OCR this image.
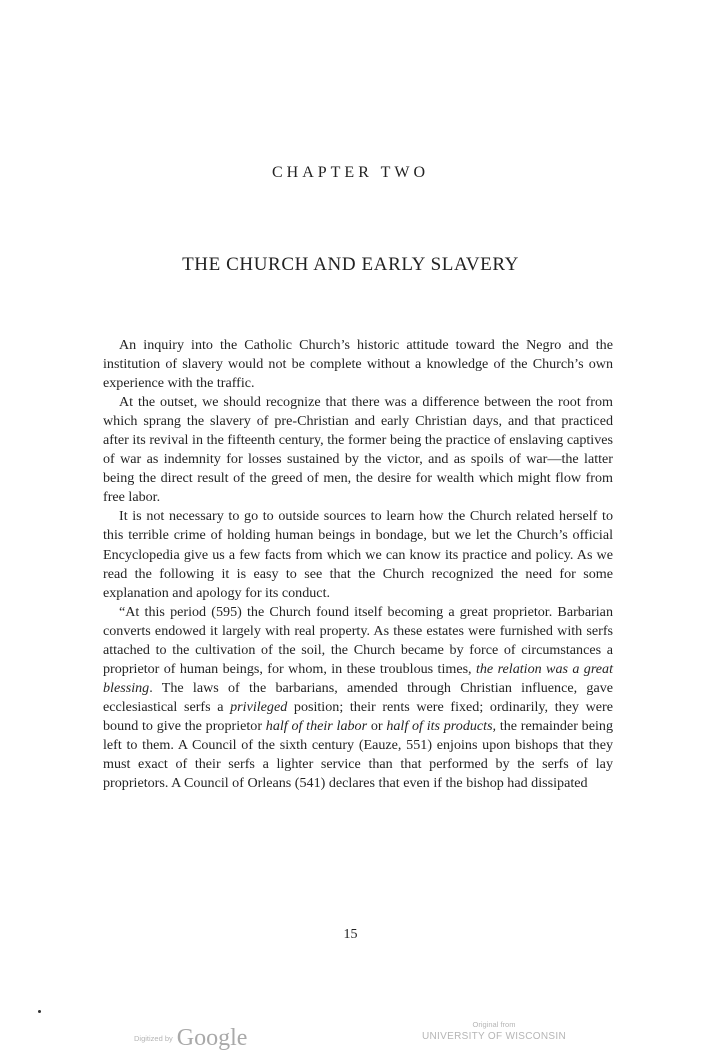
CHAPTER TWO
THE CHURCH AND EARLY SLAVERY

An inquiry into the Catholic Church’s historic attitude toward the Negro and the institution of slavery would not be complete without a knowledge of the Church’s own experience with the traffic.

At the outset, we should recognize that there was a difference between the root from which sprang the slavery of pre-Christian and early Christian days, and that practiced after its revival in the fifteenth century, the former being the practice of enslaving captives of war as indemnity for losses sustained by the victor, and as spoils of war—the latter being the direct result of the greed of men, the desire for wealth which might flow from free labor.

It is not necessary to go to outside sources to learn how the Church related herself to this terrible crime of holding human beings in bondage, but we let the Church’s official Encyclopedia give us a few facts from which we can know its practice and policy. As we read the following it is easy to see that the Church recognized the need for some explanation and apology for its conduct.

“At this period (595) the Church found itself becoming a great proprietor. Barbarian converts endowed it largely with real property. As these estates were furnished with serfs attached to the cultivation of the soil, the Church became by force of circumstances a proprietor of human beings, for whom, in these troublous times, the relation was a great blessing. The laws of the barbarians, amended through Christian influence, gave ecclesiastical serfs a privileged position; their rents were fixed; ordinarily, they were bound to give the proprietor half of their labor or half of its products, the remainder being left to them. A Council of the sixth century (Eauze, 551) enjoins upon bishops that they must exact of their serfs a lighter service than that performed by the serfs of lay proprietors. A Council of Orleans (541) declares that even if the bishop had dissipated

15
Digitized by Google
Original from
UNIVERSITY OF WISCONSIN
